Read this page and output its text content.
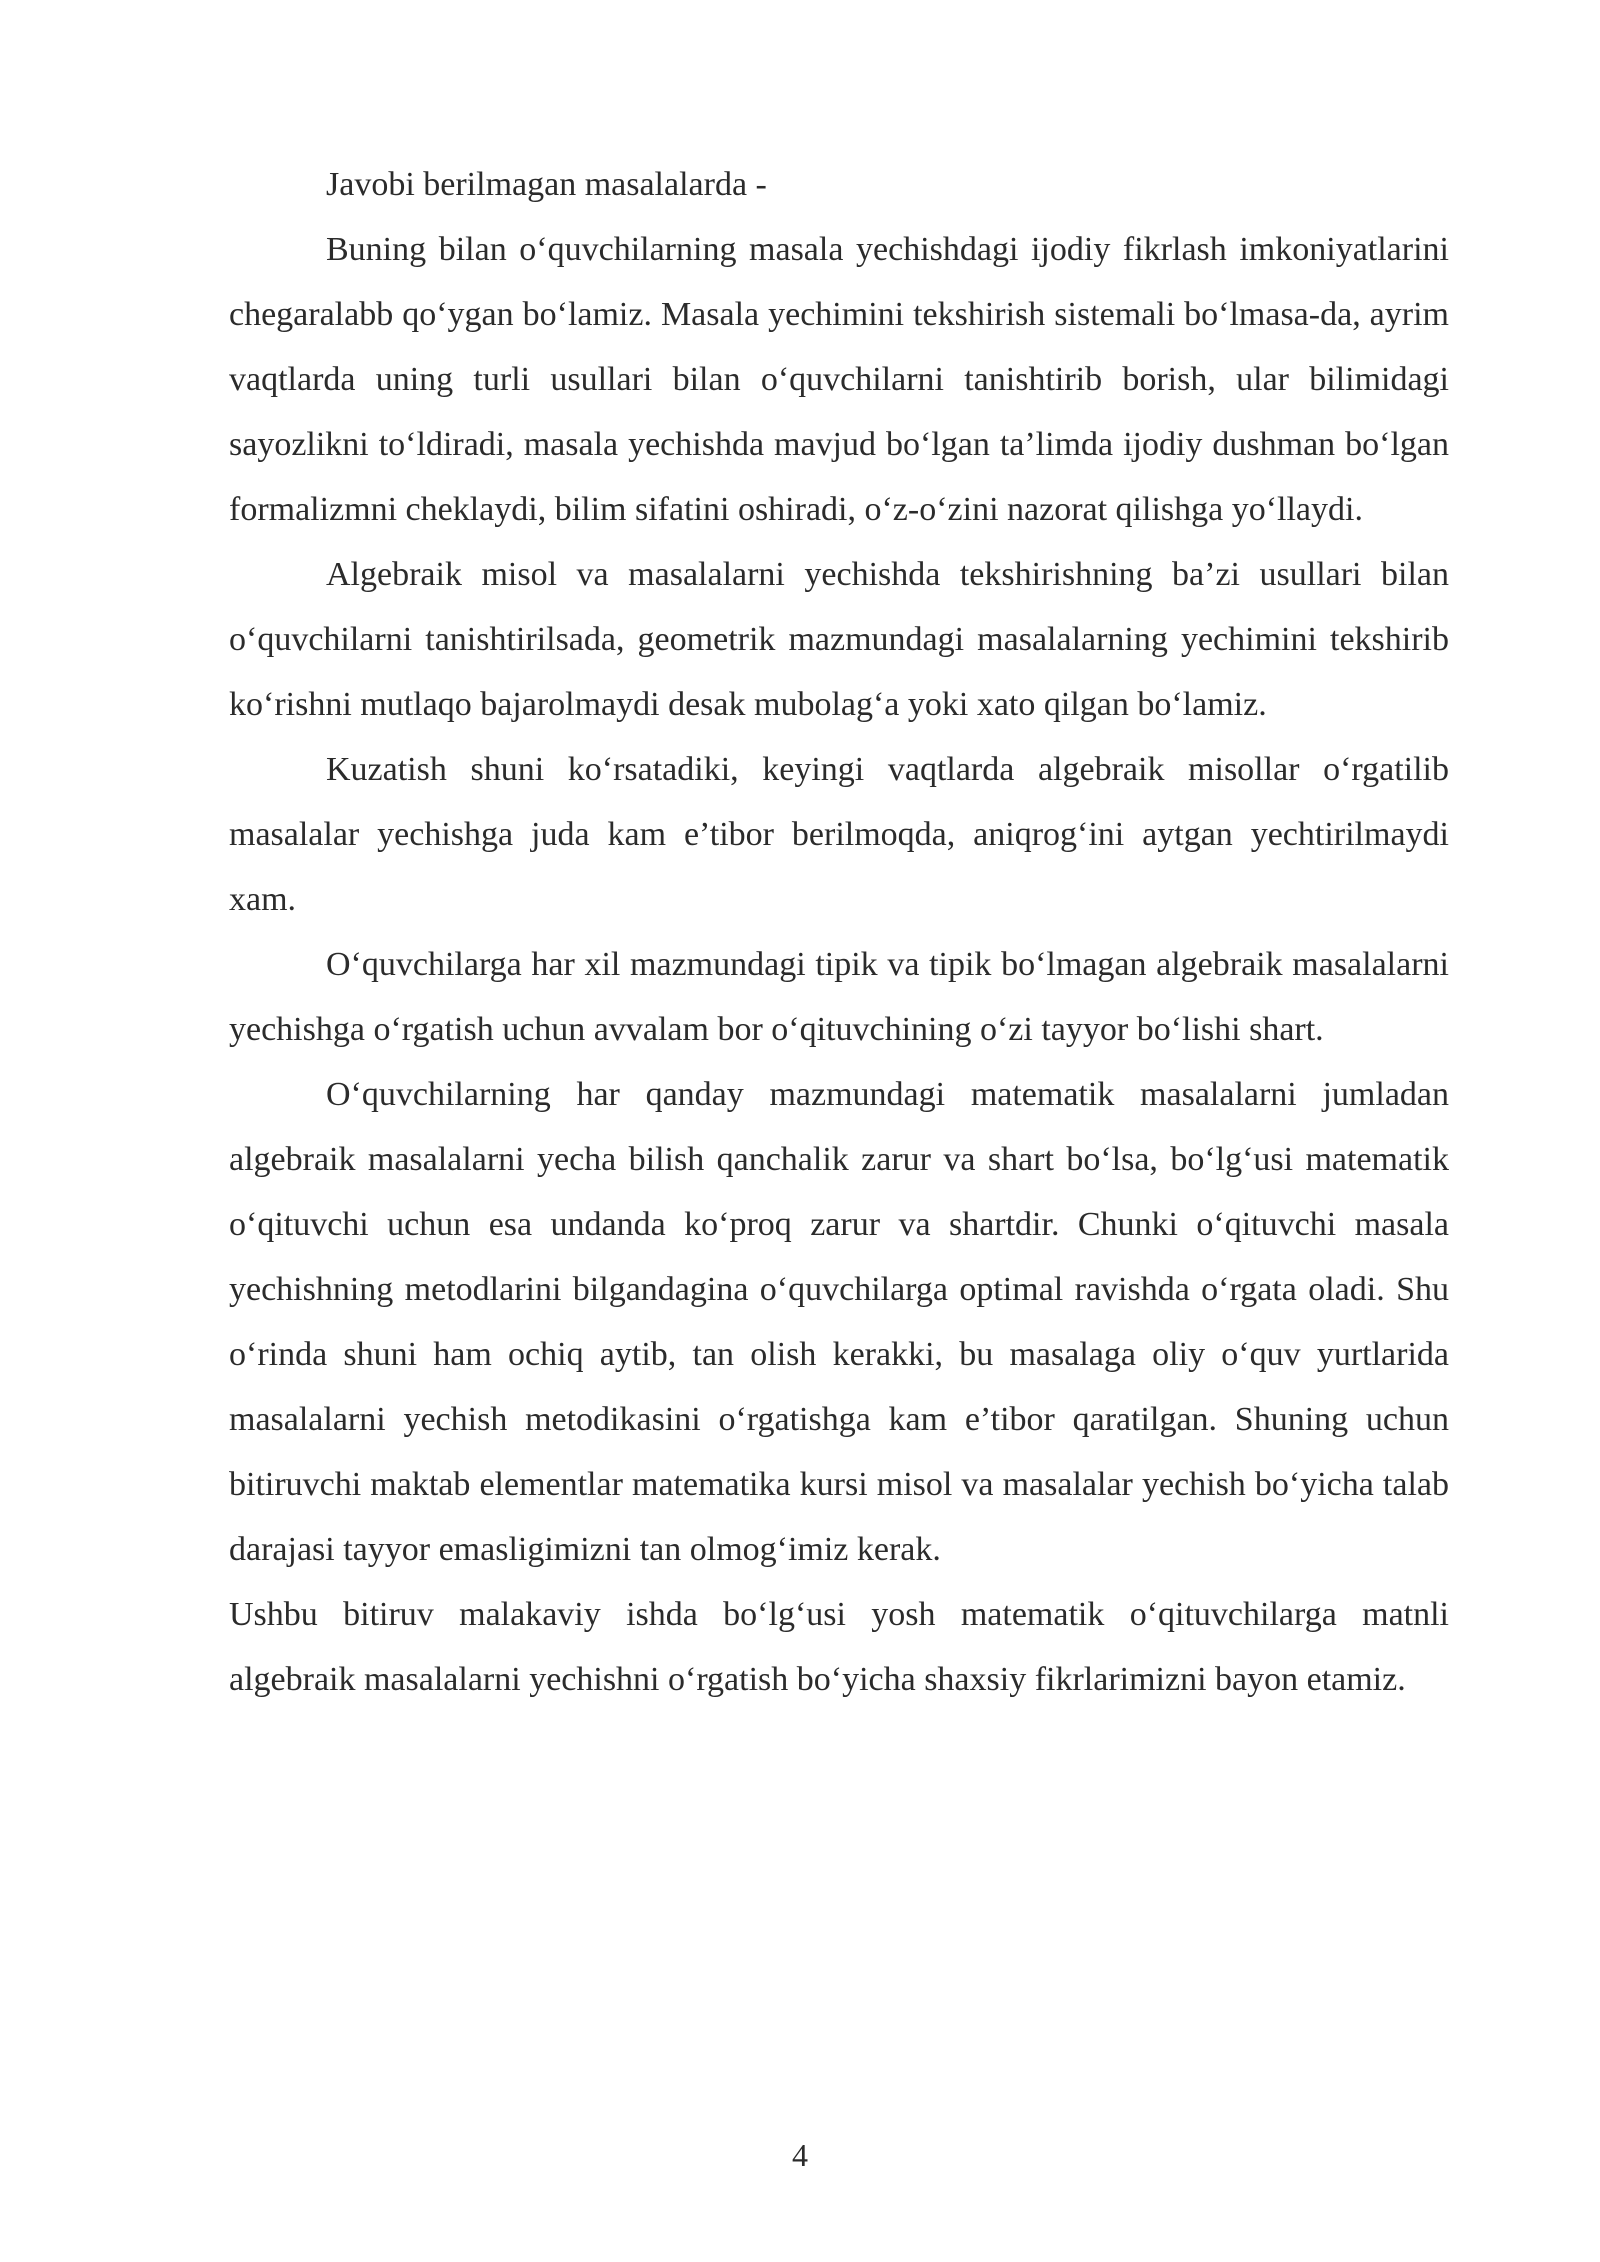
Javobi berilmagan masalalarda -

Buning bilan o‘quvchilarning masala yechishdagi ijodiy fikrlash imkoniyatlarini chegaralabb qo‘ygan bo‘lamiz. Masala yechimini tekshirish sistemali bo‘lmasa-da, ayrim vaqtlarda uning turli usullari bilan o‘quvchilarni tanishtirib borish, ular bilimidagi sayozlikni to‘ldiradi, masala yechishda mavjud bo‘lgan ta’limda ijodiy dushman bo‘lgan formalizmni cheklaydi, bilim sifatini oshiradi, o‘z-o‘zini nazorat qilishga yo‘llaydi.

Algebraik misol va masalalarni yechishda tekshirishning ba’zi usullari bilan o‘quvchilarni tanishtirilsada, geometrik mazmundagi masalalarning yechimini tekshirib ko‘rishni mutlaqo bajarolmaydi desak mubolag‘a yoki xato qilgan bo‘lamiz.

Kuzatish shuni ko‘rsatadiki, keyingi vaqtlarda algebraik misollar o‘rgatilib masalalar yechishga juda kam e’tibor berilmoqda, aniqrog‘ini aytgan yechtirilmaydi xam.

O‘quvchilarga har xil mazmundagi tipik va tipik bo‘lmagan algebraik masalalarni yechishga o‘rgatish uchun avvalam bor o‘qituvchining o‘zi tayyor bo‘lishi shart.

O‘quvchilarning har qanday mazmundagi matematik masalalarni jumladan algebraik masalalarni yecha bilish qanchalik zarur va shart bo‘lsa, bo‘lg‘usi matematik o‘qituvchi uchun esa undanda ko‘proq zarur va shartdir. Chunki o‘qituvchi masala yechishning metodlarini bilgandagina o‘quvchilarga optimal ravishda o‘rgata oladi. Shu o‘rinda shuni ham ochiq aytib, tan olish kerakki, bu masalaga oliy o‘quv yurtlarida masalalarni yechish metodikasini o‘rgatishga kam e’tibor qaratilgan. Shuning uchun bitiruvchi maktab elementlar matematika kursi misol va masalalar yechish bo‘yicha talab darajasi tayyor emasligimizni tan olmog‘imiz kerak.

Ushbu bitiruv malakaviy ishda bo‘lg‘usi yosh matematik o‘qituvchilarga matnli algebraik masalalarni yechishni o‘rgatish bo‘yicha shaxsiy fikrlarimizni bayon etamiz.

4
